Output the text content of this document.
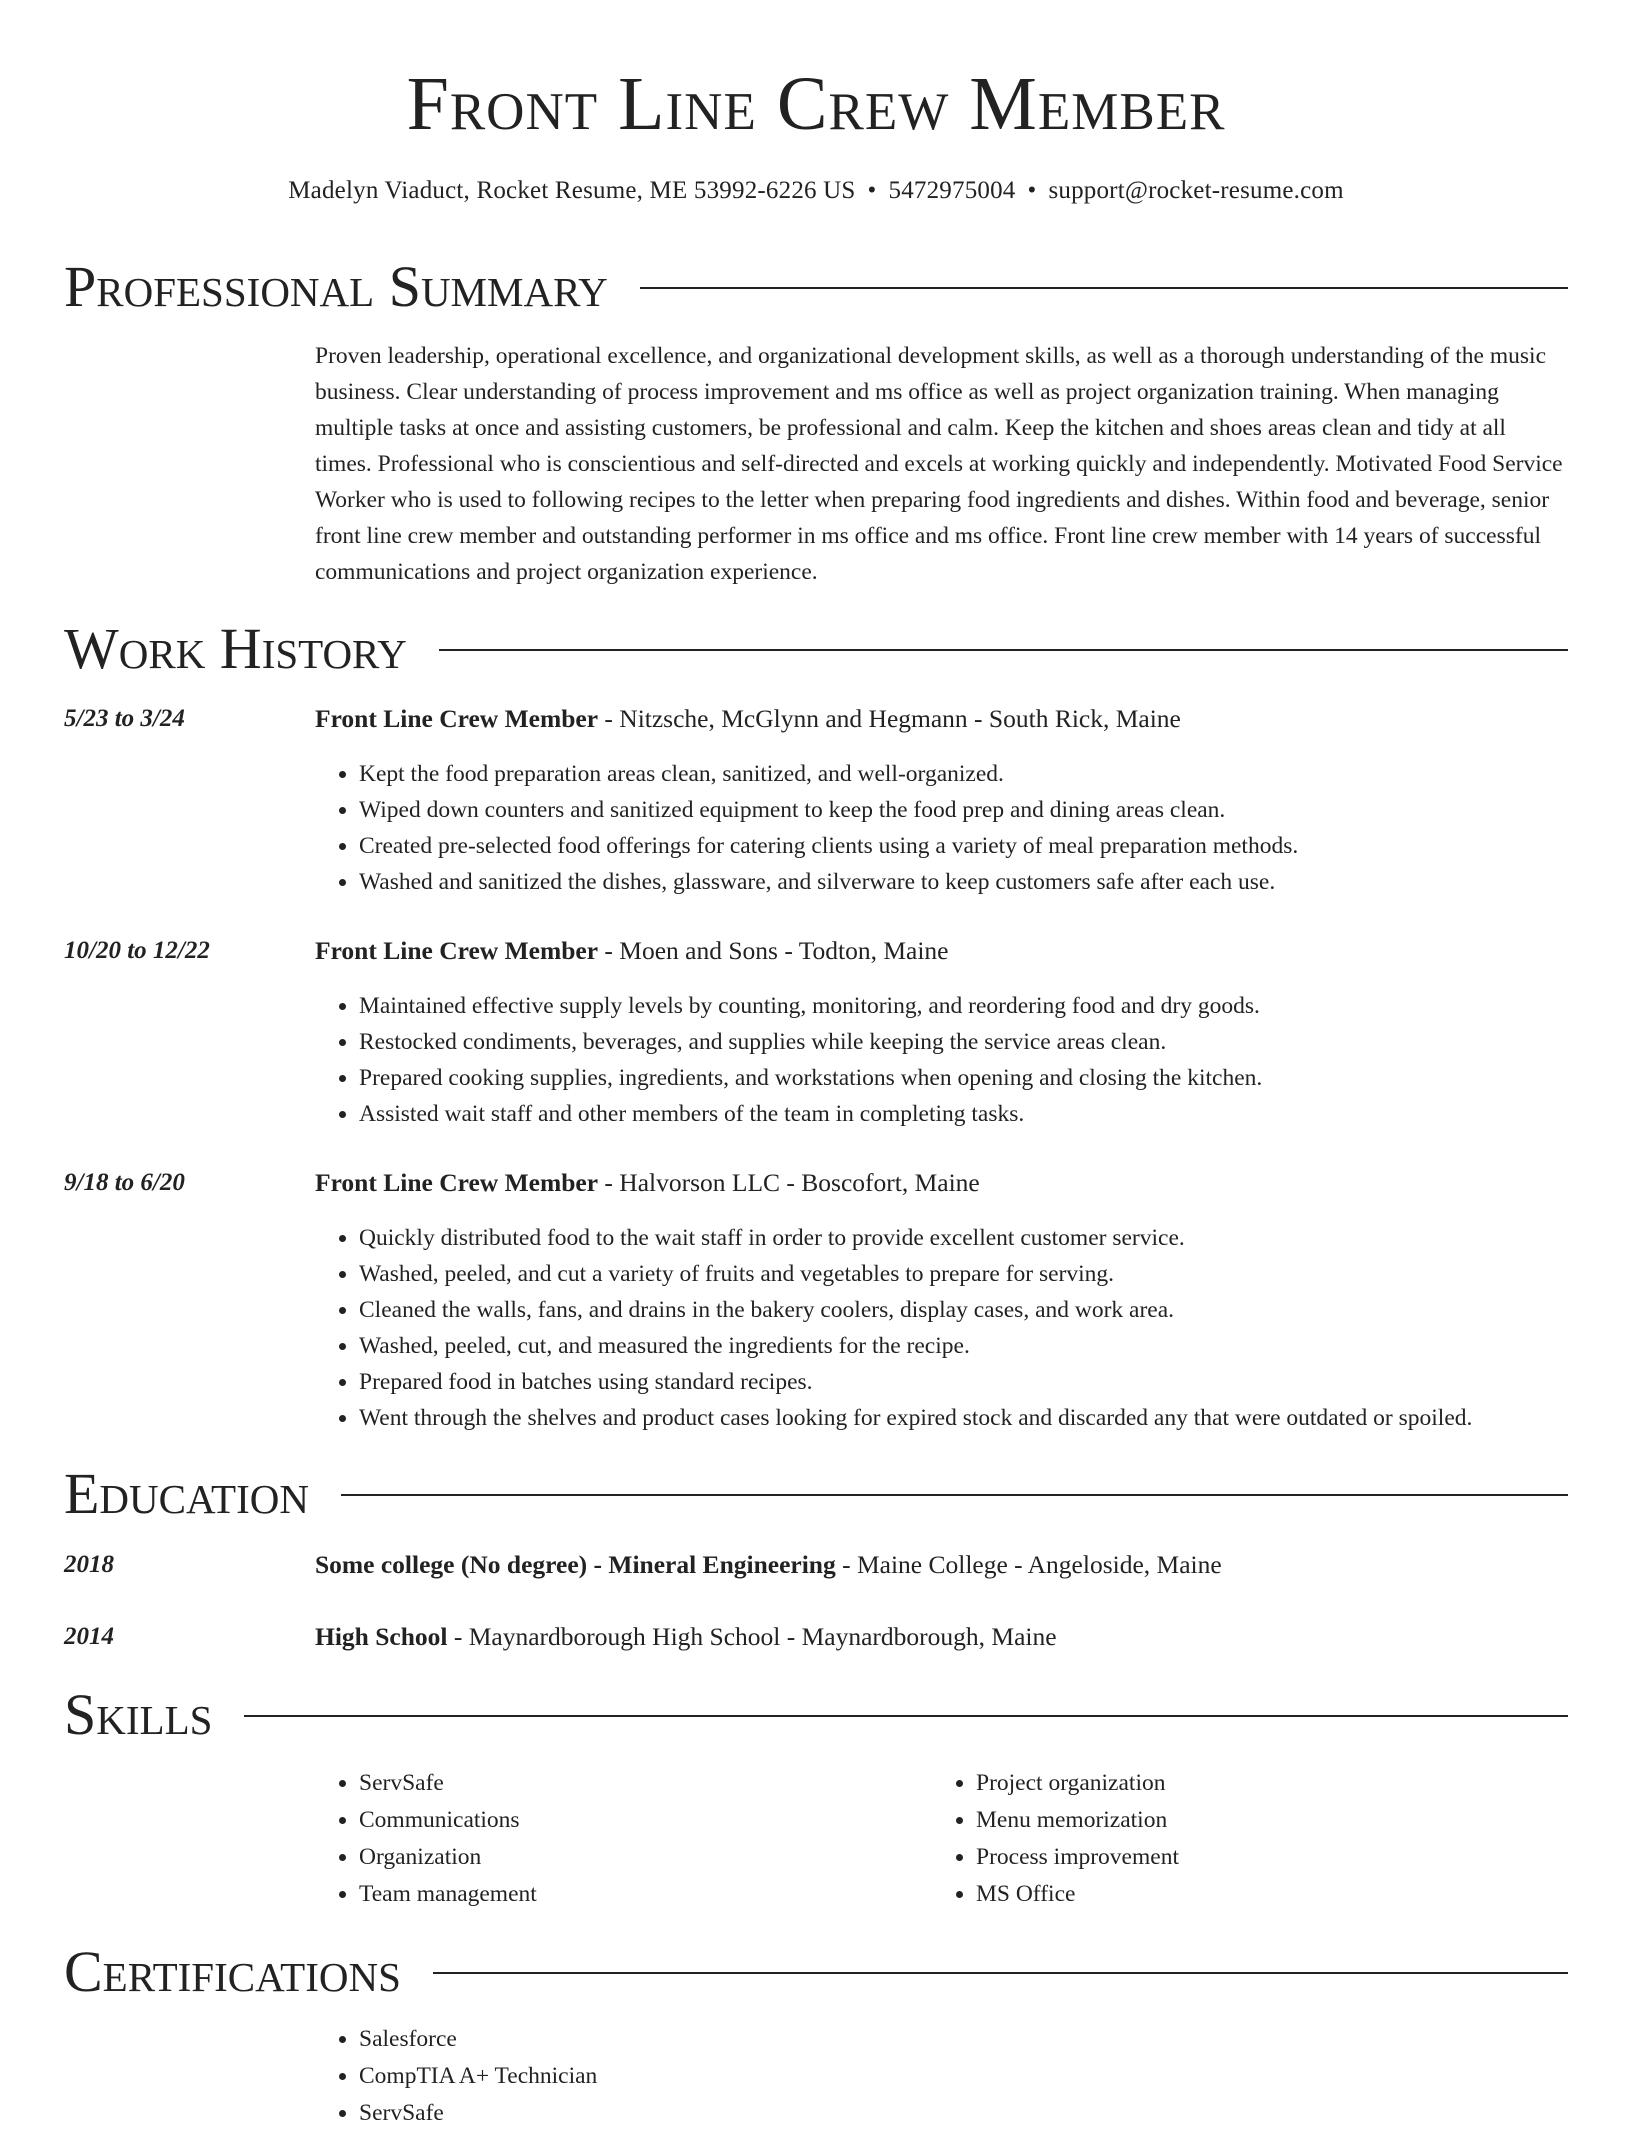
Front Line Crew Member
Madelyn Viaduct, Rocket Resume, ME 53992-6226 US • 5472975004 • support@rocket-resume.com
Professional Summary

Proven leadership, operational excellence, and organizational development skills, as well as a thorough understanding of the music business. Clear understanding of process improvement and ms office as well as project organization training. When managing multiple tasks at once and assisting customers, be professional and calm. Keep the kitchen and shoes areas clean and tidy at all times. Professional who is conscientious and self-directed and excels at working quickly and independently. Motivated Food Service Worker who is used to following recipes to the letter when preparing food ingredients and dishes. Within food and beverage, senior front line crew member and outstanding performer in ms office and ms office. Front line crew member with 14 years of successful communications and project organization experience.

Work History
5/23 to 3/24	Front Line Crew Member - Nitzsche, McGlynn and Hegmann - South Rick, Maine
• Kept the food preparation areas clean, sanitized, and well-organized.
• Wiped down counters and sanitized equipment to keep the food prep and dining areas clean.
• Created pre-selected food offerings for catering clients using a variety of meal preparation methods.
• Washed and sanitized the dishes, glassware, and silverware to keep customers safe after each use.
10/20 to 12/22	Front Line Crew Member - Moen and Sons - Todton, Maine
• Maintained effective supply levels by counting, monitoring, and reordering food and dry goods.
• Restocked condiments, beverages, and supplies while keeping the service areas clean.
• Prepared cooking supplies, ingredients, and workstations when opening and closing the kitchen.
• Assisted wait staff and other members of the team in completing tasks.
9/18 to 6/20	Front Line Crew Member - Halvorson LLC - Boscofort, Maine
• Quickly distributed food to the wait staff in order to provide excellent customer service.
• Washed, peeled, and cut a variety of fruits and vegetables to prepare for serving.
• Cleaned the walls, fans, and drains in the bakery coolers, display cases, and work area.
• Washed, peeled, cut, and measured the ingredients for the recipe.
• Prepared food in batches using standard recipes.
• Went through the shelves and product cases looking for expired stock and discarded any that were outdated or spoiled.
Education
2018	Some college (No degree) - Mineral Engineering - Maine College - Angeloside, Maine
2014	High School - Maynardborough High School - Maynardborough, Maine
Skills
• ServSafe
• Communications
• Organization
• Team management
• Project organization
• Menu memorization
• Process improvement
• MS Office
Certifications
• Salesforce
• CompTIA A+ Technician
• ServSafe
